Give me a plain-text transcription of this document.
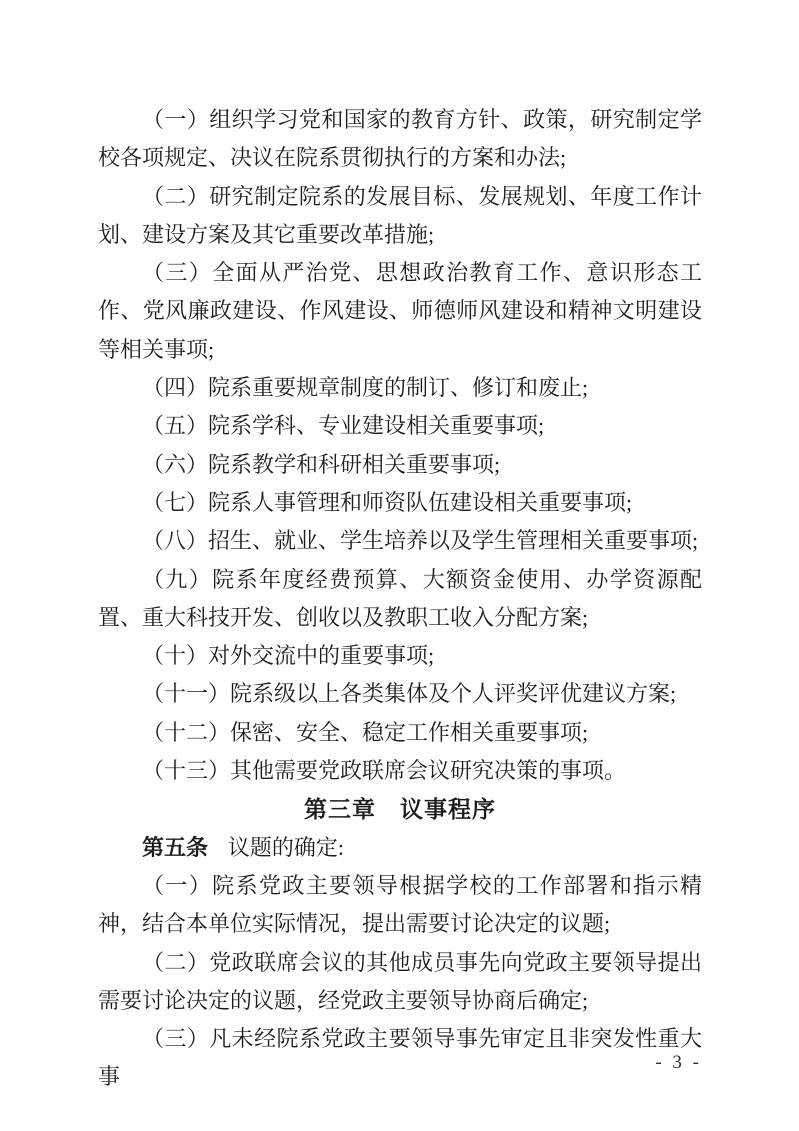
（一）组织学习党和国家的教育方针、政策，研究制定学校各项规定、决议在院系贯彻执行的方案和办法;

（二）研究制定院系的发展目标、发展规划、年度工作计划、建设方案及其它重要改革措施;

（三）全面从严治党、思想政治教育工作、意识形态工作、党风廉政建设、作风建设、师德师风建设和精神文明建设等相关事项;

（四）院系重要规章制度的制订、修订和废止;

（五）院系学科、专业建设相关重要事项;

（六）院系教学和科研相关重要事项;

（七）院系人事管理和师资队伍建设相关重要事项;

（八）招生、就业、学生培养以及学生管理相关重要事项;

（九）院系年度经费预算、大额资金使用、办学资源配置、重大科技开发、创收以及教职工收入分配方案;

（十）对外交流中的重要事项;

（十一）院系级以上各类集体及个人评奖评优建议方案;

（十二）保密、安全、稳定工作相关重要事项;

（十三）其他需要党政联席会议研究决策的事项。

第三章　议事程序

第五条 议题的确定:

（一）院系党政主要领导根据学校的工作部署和指示精神，结合本单位实际情况，提出需要讨论决定的议题;

（二）党政联席会议的其他成员事先向党政主要领导提出需要讨论决定的议题，经党政主要领导协商后确定;

（三）凡未经院系党政主要领导事先审定且非突发性重大事

- 3 -
